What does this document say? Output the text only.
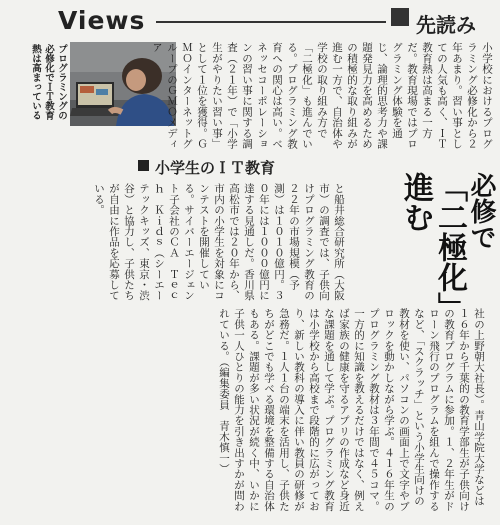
Views	先読み
プログラミングの必修化でＩＴ教育熱は高まっている	小学校におけるプログラミング必修化から２年あまり。習い事としての人気も高く、ＩＴ教育熱は高まる一方だ。教育現場ではプログラミング体験を通じ、論理的思考力や課題発見力を高めるための積極的な取り組みが進む一方で、自治体や学校の取り組み方で「二極化」も進んでいる。プログラミング教育への関心は高い。ベネッセコーポレーションの習い事に関する調査（２１年）で「小学生がやりたい習い事」として１位を獲得。ＧＭＯインターネットグループのＧＭＯメディア
小学生のＩＴ教育
と船井総合研究所（大阪市）の調査では、子供向けプログラミング教育の２２年の市場規模（予測）は１０１０億円。３０年には１０００億円に達する見通しだ。香川県高松市では２０年から、市内の小学生を対象にコンテストを開催している。サイバーエージェント子会社のＣＡ　Ｔｅｃｈ　Ｋｉｄｓ（シーエーテックキッズ、東京・渋谷）と協力し、子供たちが自由に作品を応募している。	必修で
「二極化」進む
社の上野朝大社長）。青山学院大学などは１６年から千葉的の教育学部生が子供向けの教育プログラムに参加。１、２年生がドローン飛行のプログラムを組んで操作するなど、「スクラッチ」という小学生向けの教材を使い、パソコンの画面上で文字やブロックを動かしながら学ぶ。４１６年生のプログラミング教材は３年間で４５コマ。一方的に知識を教えるだけではなく、例えば家族の健康を守るアプリの作成など身近な課題を通して学ぶ。プログラミング教育は小学校から高校まで段階的に広がっており、新しい教科の導入に伴い教員の研修が急務だ。１人１台の端末を活用し、子供たちがどこでも学べる環境を整備する自治体もある。課題が多い状況が続く中、いかに子供一人ひとりの能力を引き出すかが問われている。（編集委員　青木慎一）
